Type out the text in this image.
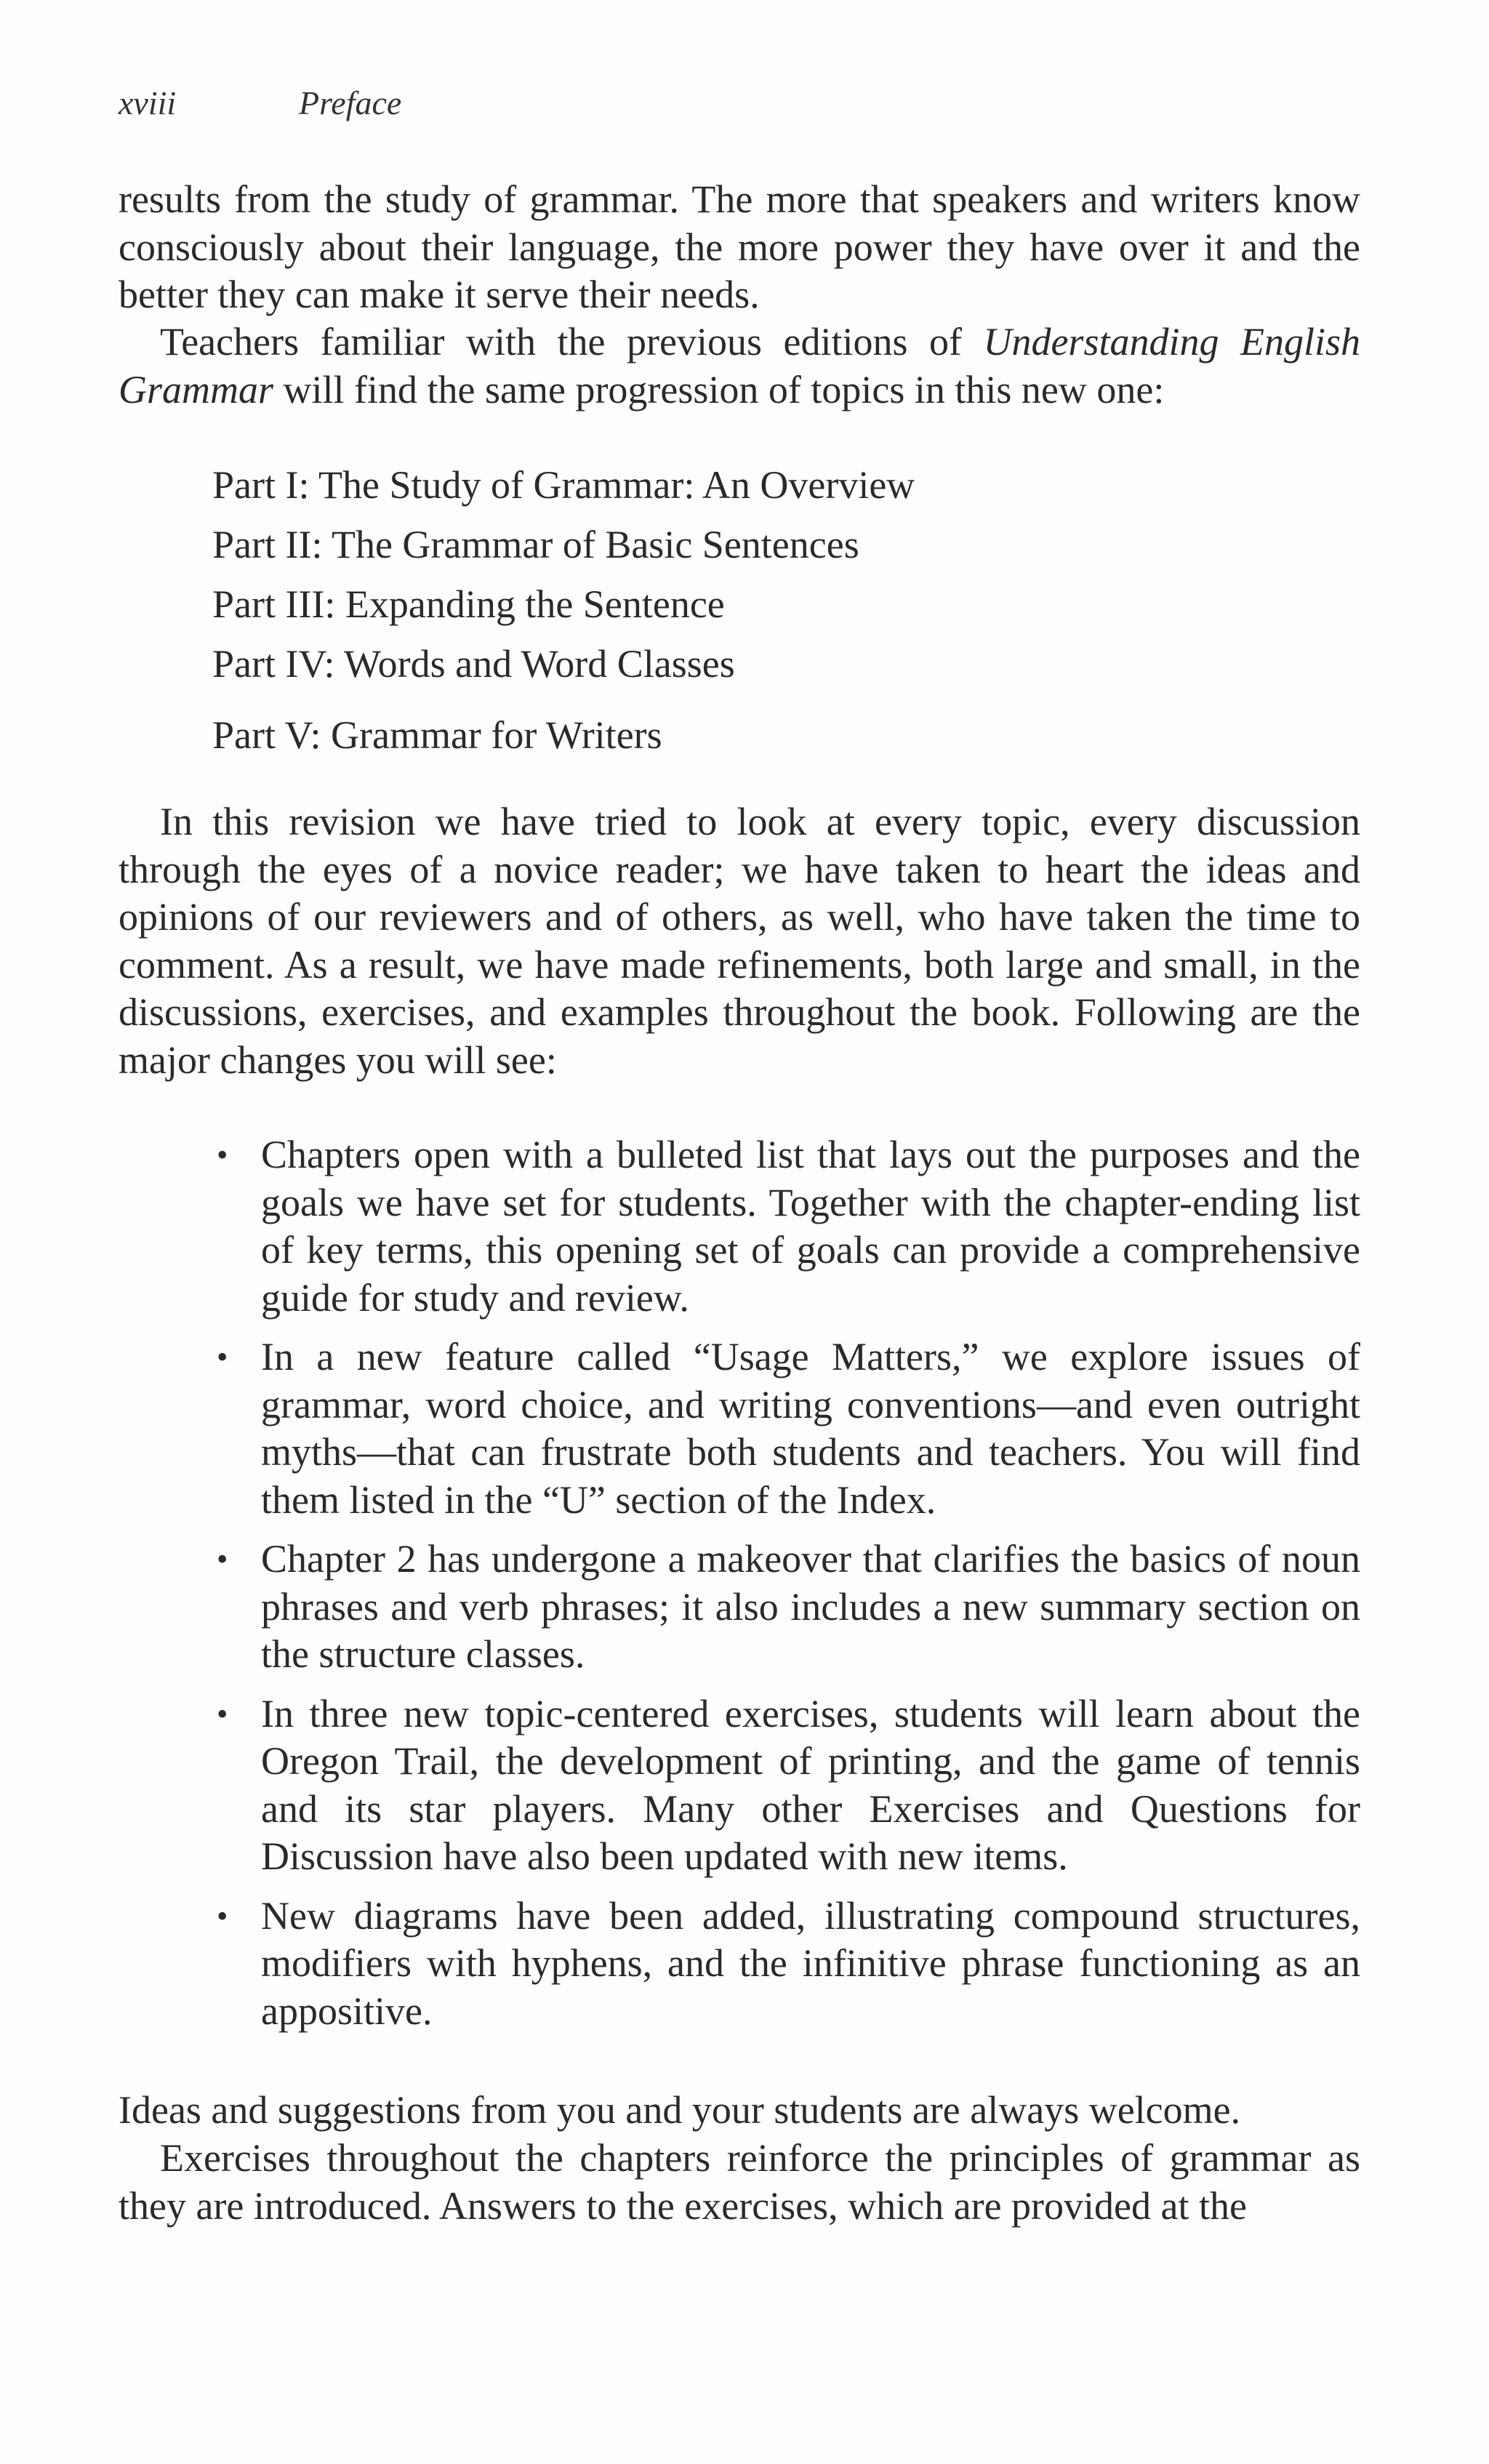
xviii	Preface

results from the study of grammar. The more that speakers and writers know consciously about their language, the more power they have over it and the better they can make it serve their needs.

Teachers familiar with the previous editions of Understanding English Grammar will find the same progression of topics in this new one:

Part I: The Study of Grammar: An Overview
Part II: The Grammar of Basic Sentences
Part III: Expanding the Sentence
Part IV: Words and Word Classes
Part V: Grammar for Writers

In this revision we have tried to look at every topic, every discussion through the eyes of a novice reader; we have taken to heart the ideas and opinions of our reviewers and of others, as well, who have taken the time to comment. As a result, we have made refinements, both large and small, in the discussions, exercises, and examples throughout the book. Following are the major changes you will see:

• Chapters open with a bulleted list that lays out the purposes and the goals we have set for students. Together with the chapter-ending list of key terms, this opening set of goals can provide a comprehensive guide for study and review.
• In a new feature called “Usage Matters,” we explore issues of grammar, word choice, and writing conventions—and even outright myths—that can frustrate both students and teachers. You will find them listed in the “U” section of the Index.
• Chapter 2 has undergone a makeover that clarifies the basics of noun phrases and verb phrases; it also includes a new summary section on the structure classes.
• In three new topic-centered exercises, students will learn about the Oregon Trail, the development of printing, and the game of tennis and its star players. Many other Exercises and Questions for Discussion have also been updated with new items.
• New diagrams have been added, illustrating compound structures, modifiers with hyphens, and the infinitive phrase functioning as an appositive.

Ideas and suggestions from you and your students are always welcome.

Exercises throughout the chapters reinforce the principles of grammar as they are introduced. Answers to the exercises, which are provided at the
